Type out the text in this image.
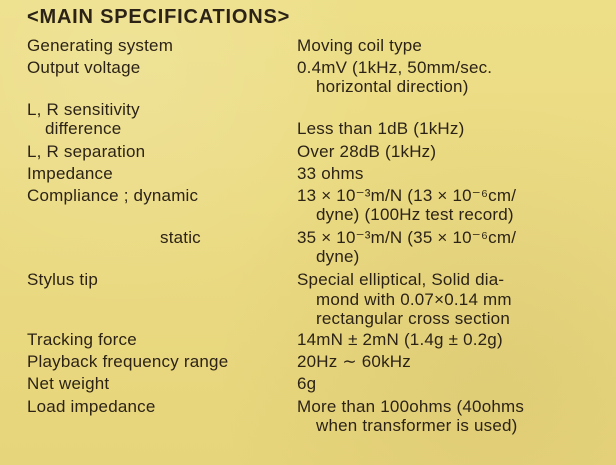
<MAIN SPECIFICATIONS>
Generating system	Moving coil type
Output voltage	0.4mV (1kHz, 50mm/sec.
horizontal direction)
L, R sensitivity
difference	Less than 1dB (1kHz)
L, R separation	Over 28dB (1kHz)
Impedance	33 ohms
Compliance ; dynamic	13 × 10⁻³m/N (13 × 10⁻⁶cm/
dyne) (100Hz test record)
static	35 × 10⁻³m/N (35 × 10⁻⁶cm/
dyne)
Stylus tip	Special elliptical, Solid dia-
mond with 0.07×0.14 mm
rectangular cross section
Tracking force	14mN ± 2mN (1.4g ± 0.2g)
Playback frequency range	20Hz ∼ 60kHz
Net weight	6g
Load impedance	More than 100ohms (40ohms
when transformer is used)
